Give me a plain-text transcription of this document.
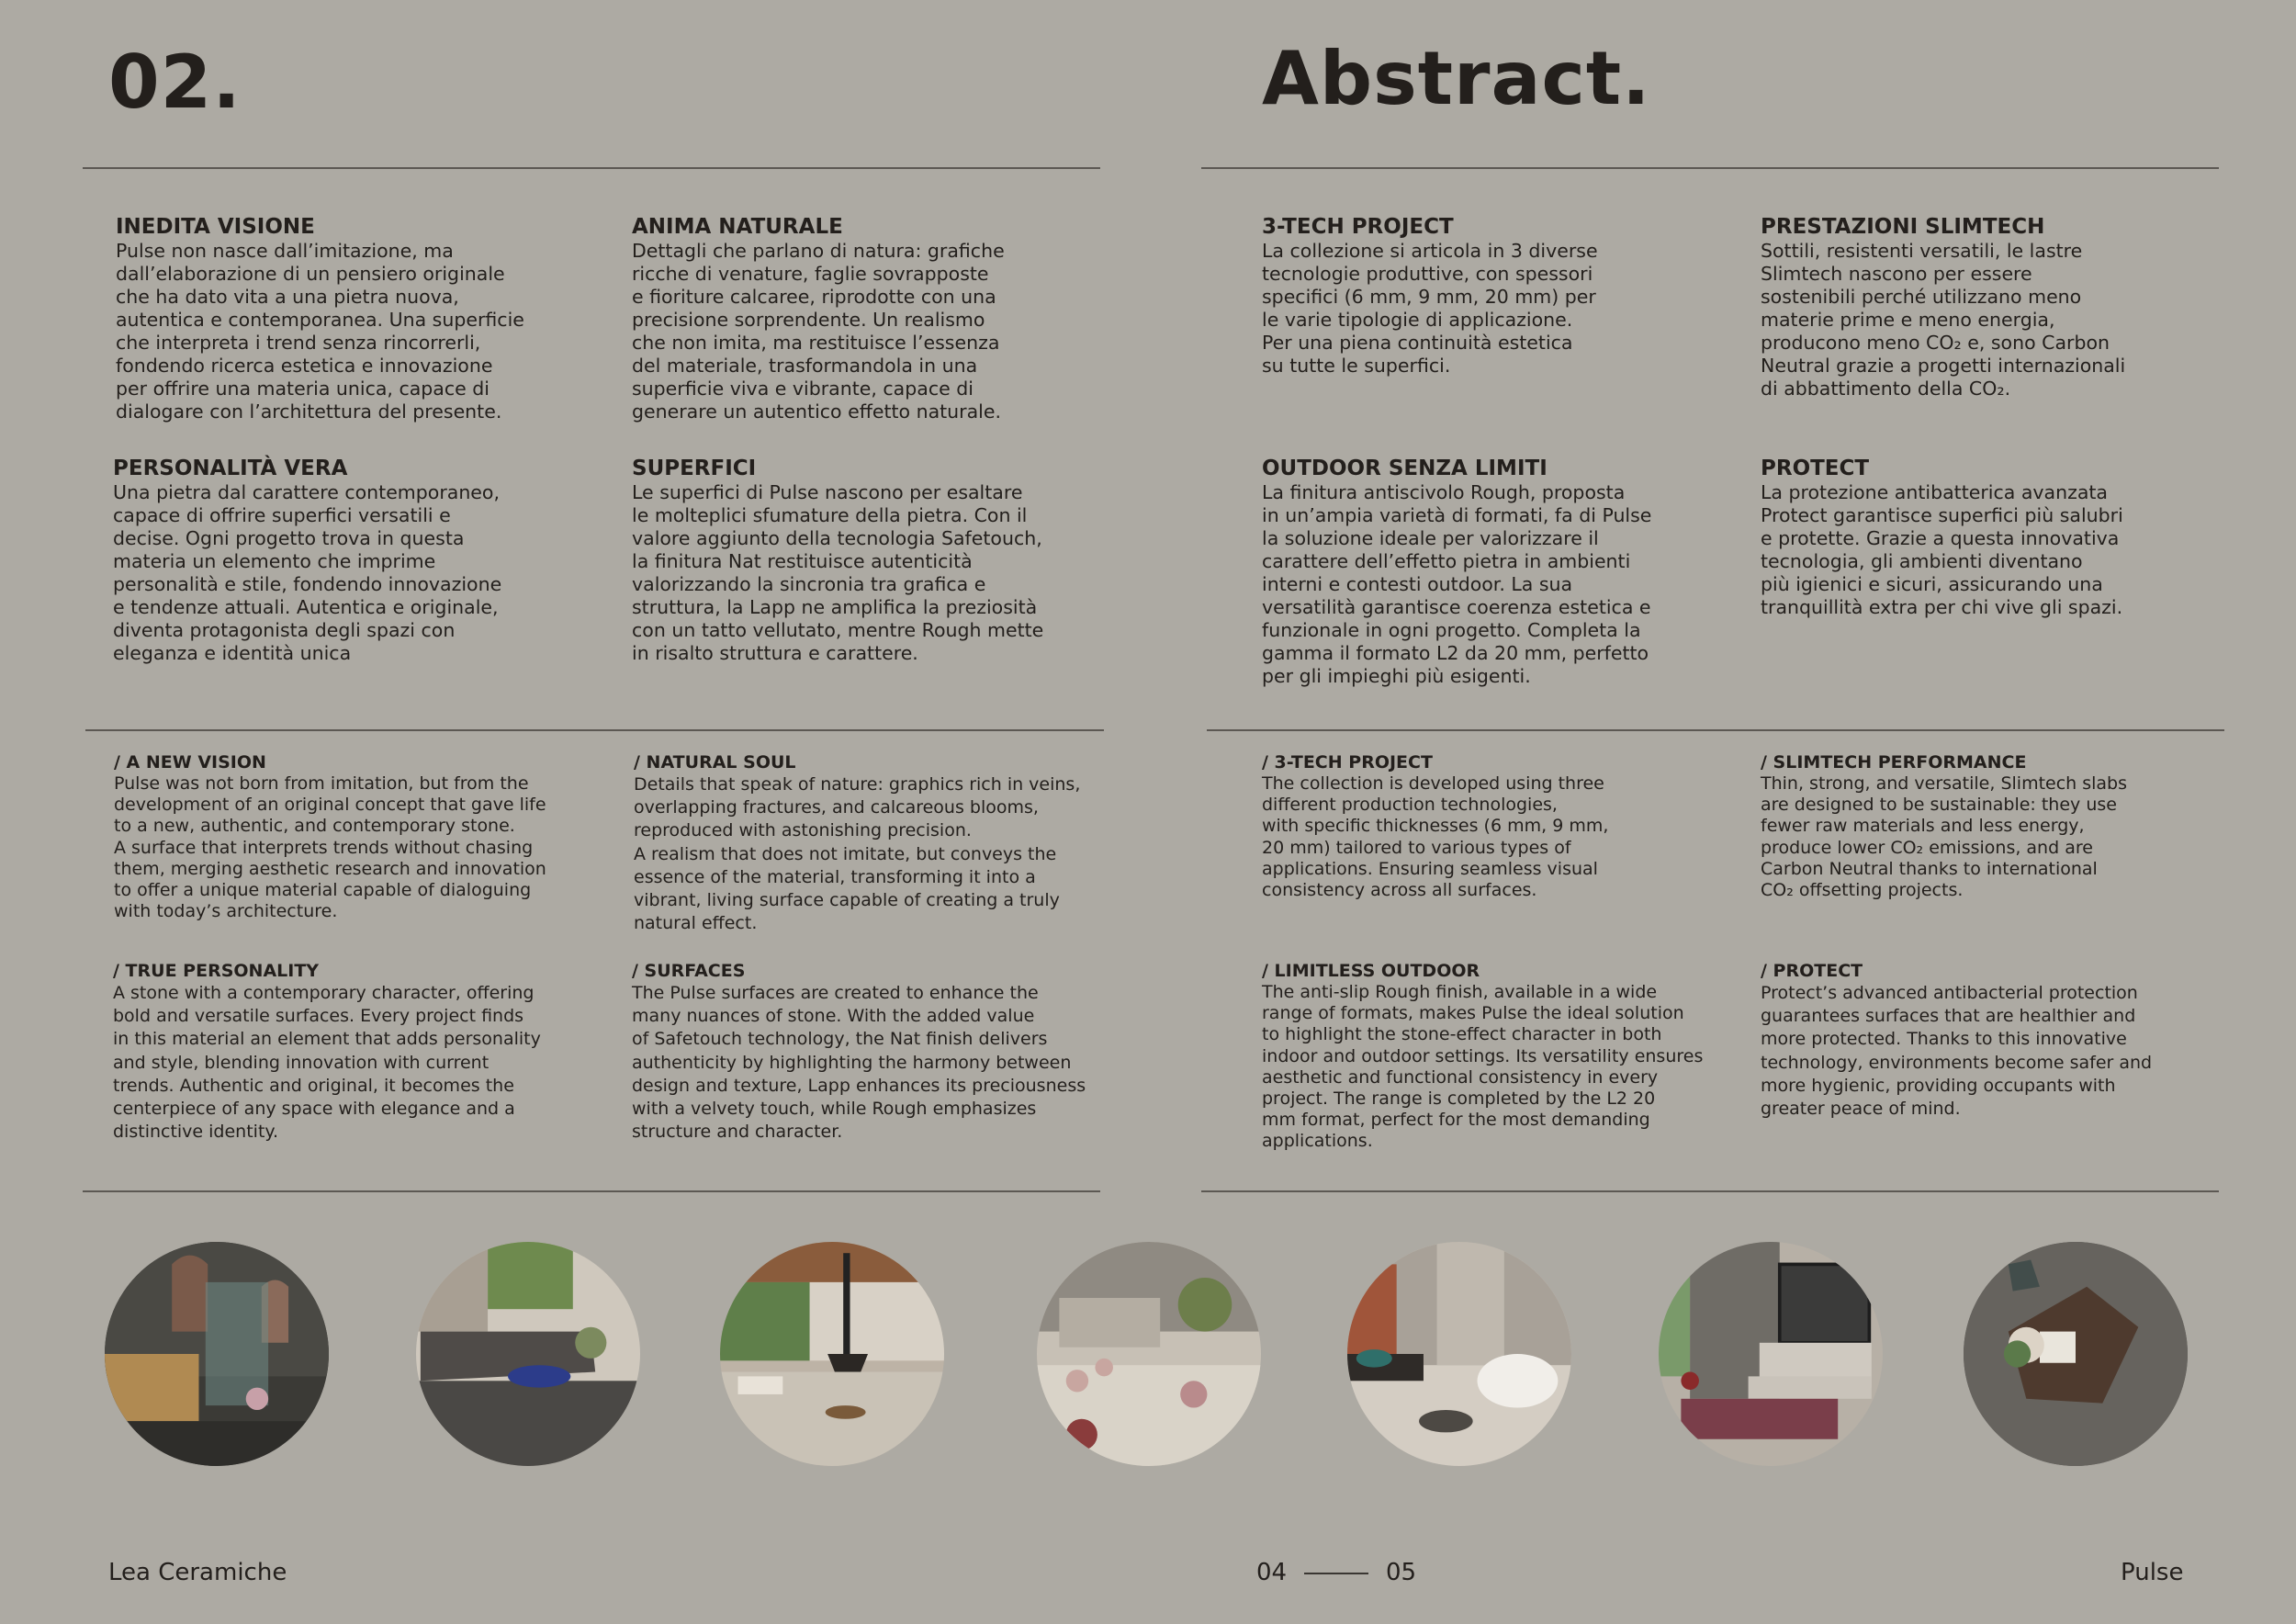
02.	Abstract.
INEDITA VISIONE
Pulse non nasce dall’imitazione, ma
dall’elaborazione di un pensiero originale
che ha dato vita a una pietra nuova,
autentica e contemporanea. Una superficie
che interpreta i trend senza rincorrerli,
fondendo ricerca estetica e innovazione
per offrire una materia unica, capace di
dialogare con l’architettura del presente.
ANIMA NATURALE
Dettagli che parlano di natura: grafiche
ricche di venature, faglie sovrapposte
e fioriture calcaree, riprodotte con una
precisione sorprendente. Un realismo
che non imita, ma restituisce l’essenza
del materiale, trasformandola in una
superficie viva e vibrante, capace di
generare un autentico effetto naturale.
3-TECH PROJECT
La collezione si articola in 3 diverse
tecnologie produttive, con spessori
specifici (6 mm, 9 mm, 20 mm) per
le varie tipologie di applicazione.
Per una piena continuità estetica
su tutte le superfici.
PRESTAZIONI SLIMTECH
Sottili, resistenti versatili, le lastre
Slimtech nascono per essere
sostenibili perché utilizzano meno
materie prime e meno energia,
producono meno CO₂ e, sono Carbon
Neutral grazie a progetti internazionali
di abbattimento della CO₂.
PERSONALITÀ VERA
Una pietra dal carattere contemporaneo,
capace di offrire superfici versatili e
decise. Ogni progetto trova in questa
materia un elemento che imprime
personalità e stile, fondendo innovazione
e tendenze attuali. Autentica e originale,
diventa protagonista degli spazi con
eleganza e identità unica
SUPERFICI
Le superfici di Pulse nascono per esaltare
le molteplici sfumature della pietra. Con il
valore aggiunto della tecnologia Safetouch,
la finitura Nat restituisce autenticità
valorizzando la sincronia tra grafica e
struttura, la Lapp ne amplifica la preziosità
con un tatto vellutato, mentre Rough mette
in risalto struttura e carattere.
OUTDOOR SENZA LIMITI
La finitura antiscivolo Rough, proposta
in un’ampia varietà di formati, fa di Pulse
la soluzione ideale per valorizzare il
carattere dell’effetto pietra in ambienti
interni e contesti outdoor. La sua
versatilità garantisce coerenza estetica e
funzionale in ogni progetto. Completa la
gamma il formato L2 da 20 mm, perfetto
per gli impieghi più esigenti.
PROTECT
La protezione antibatterica avanzata
Protect garantisce superfici più salubri
e protette. Grazie a questa innovativa
tecnologia, gli ambienti diventano
più igienici e sicuri, assicurando una
tranquillità extra per chi vive gli spazi.
/ A NEW VISION
Pulse was not born from imitation, but from the
development of an original concept that gave life
to a new, authentic, and contemporary stone.
A surface that interprets trends without chasing
them, merging aesthetic research and innovation
to offer a unique material capable of dialoguing
with today’s architecture.
/ NATURAL SOUL
Details that speak of nature: graphics rich in veins,
overlapping fractures, and calcareous blooms,
reproduced with astonishing precision.
A realism that does not imitate, but conveys the
essence of the material, transforming it into a
vibrant, living surface capable of creating a truly
natural effect.
/ 3-TECH PROJECT
The collection is developed using three
different production technologies,
with specific thicknesses (6 mm, 9 mm,
20 mm) tailored to various types of
applications. Ensuring seamless visual
consistency across all surfaces.
/ SLIMTECH PERFORMANCE
Thin, strong, and versatile, Slimtech slabs
are designed to be sustainable: they use
fewer raw materials and less energy,
produce lower CO₂ emissions, and are
Carbon Neutral thanks to international
CO₂ offsetting projects.
/ TRUE PERSONALITY
A stone with a contemporary character, offering
bold and versatile surfaces. Every project finds
in this material an element that adds personality
and style, blending innovation with current
trends. Authentic and original, it becomes the
centerpiece of any space with elegance and a
distinctive identity.
/ SURFACES
The Pulse surfaces are created to enhance the
many nuances of stone. With the added value
of Safetouch technology, the Nat finish delivers
authenticity by highlighting the harmony between
design and texture, Lapp enhances its preciousness
with a velvety touch, while Rough emphasizes
structure and character.
/ LIMITLESS OUTDOOR
The anti-slip Rough finish, available in a wide
range of formats, makes Pulse the ideal solution
to highlight the stone-effect character in both
indoor and outdoor settings. Its versatility ensures
aesthetic and functional consistency in every
project. The range is completed by the L2 20
mm format, perfect for the most demanding
applications.
/ PROTECT
Protect’s advanced antibacterial protection
guarantees surfaces that are healthier and
more protected. Thanks to this innovative
technology, environments become safer and
more hygienic, providing occupants with
greater peace of mind.
Lea Ceramiche	04	05	Pulse
